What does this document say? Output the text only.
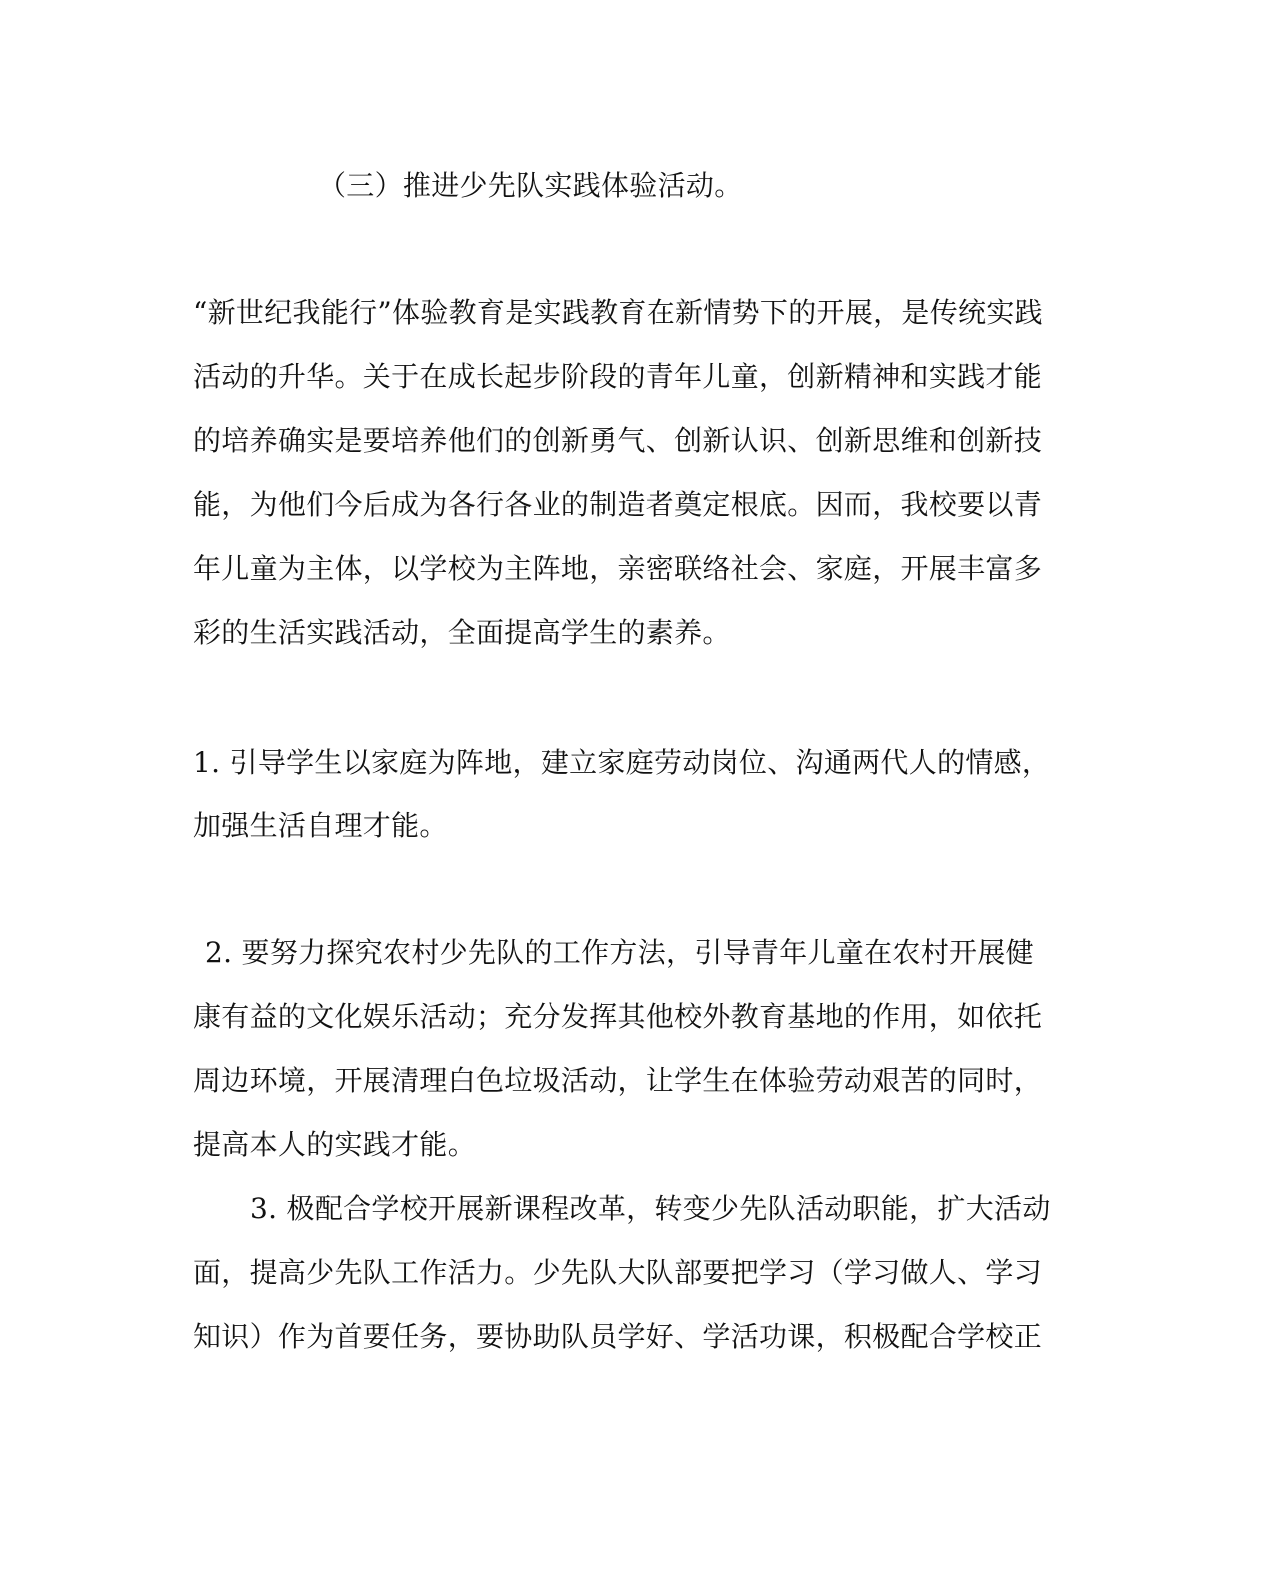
（三）推进少先队实践体验活动。
“新世纪我能行”体验教育是实践教育在新情势下的开展，是传统实践
活动的升华。关于在成长起步阶段的青年儿童，创新精神和实践才能
的培养确实是要培养他们的创新勇气、创新认识、创新思维和创新技
能，为他们今后成为各行各业的制造者奠定根底。因而，我校要以青
年儿童为主体，以学校为主阵地，亲密联络社会、家庭，开展丰富多
彩的生活实践活动，全面提高学生的素养。
1. 引导学生以家庭为阵地，建立家庭劳动岗位、沟通两代人的情感，
加强生活自理才能。
2. 要努力探究农村少先队的工作方法，引导青年儿童在农村开展健
康有益的文化娱乐活动；充分发挥其他校外教育基地的作用，如依托
周边环境，开展清理白色垃圾活动，让学生在体验劳动艰苦的同时，
提高本人的实践才能。
3. 极配合学校开展新课程改革，转变少先队活动职能，扩大活动
面，提高少先队工作活力。少先队大队部要把学习（学习做人、学习
知识）作为首要任务，要协助队员学好、学活功课，积极配合学校正
